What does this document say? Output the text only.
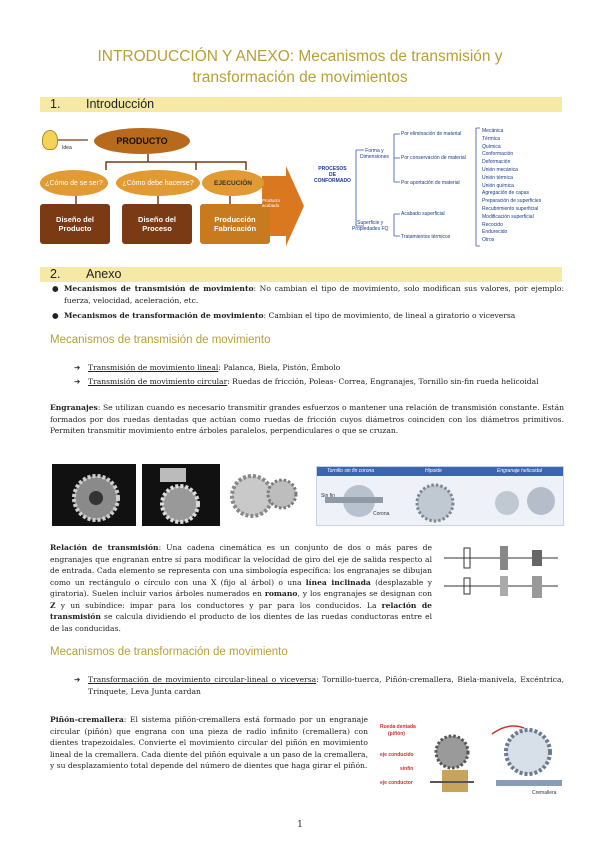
INTRODUCCIÓN Y ANEXO: Mecanismos de transmisión y
transformación de movimientos
1. Introducción
Idea
PRODUCTO
¿Cómo de se ser?	¿Cómo debe hacerse?	EJECUCIÓN
Diseño del
Producto
Diseño del
Proceso
Producción
Fabricación
Producto acabado
PROCESOS
DE
CONFORMADO
Forma y
Dimensiones
Superficie y
Propiedades FQ
Por eliminación de material
Por conservación de material
Por aportación de material
Acabado superficial
Tratamientos térmicos
Mecánica
Térmica
Química
Conformación
Deformación
Unión mecánica
Unión térmica
Unión química
Agregación de capas
Preparación de superficies
Recubrimiento superficial
Modificación superficial
Recocido
Endurecido
Otros
2. Anexo
● Mecanismos de transmisión de movimiento: No cambian el tipo de movimiento, solo modifican sus valores, por ejemplo: fuerza, velocidad, aceleración, etc.
● Mecanismos de transformación de movimiento: Cambian el tipo de movimiento, de lineal a giratorio o viceversa
Mecanismos de transmisión de movimiento
➔ Transmisión de movimiento lineal: Palanca, Biela, Pistón, Émbolo
➔ Transmisión de movimiento circular: Ruedas de fricción, Poleas- Correa, Engranajes, Tornillo sin-fin rueda helicoidal
Engranajes: Se utilizan cuando es necesario transmitir grandes esfuerzos o mantener una relación de transmisión constante. Están formados por dos ruedas dentadas que actúan como ruedas de fricción cuyos diámetros coinciden con los diámetros primitivos. Permiten transmitir movimiento entre árboles paralelos, perpendiculares o que se cruzan.
Tornillo sin fin corona	Hipoide	Engranaje helicoidal
Sin fin
Corona
Relación de transmisión: Una cadena cinemática es un conjunto de dos o más pares de engranajes que engranan entre sí para modificar la velocidad de giro del eje de salida respecto al de entrada. Cada elemento se representa con una simbología específica: los engranajes se dibujan como un rectángulo o círculo con una X (fijo al árbol) o una línea inclinada (desplazable y giratoria). Suelen incluir varios árboles numerados en romano, y los engranajes se designan con Z y un subíndice: impar para los conductores y par para los conducidos. La relación de transmisión se calcula dividiendo el producto de los dientes de las ruedas conductoras entre el de las conducidas.
Mecanismos de transformación de movimiento
➔ Transformación de movimiento circular-lineal o viceversa: Tornillo-tuerca, Piñón-cremallera, Biela-manivela, Excéntrica, Trinquete, Leva Junta cardan
Piñón-cremallera: El sistema piñón-cremallera está formado por un engranaje circular (piñón) que engrana con una pieza de radio infinito (cremallera) con dientes trapezoidales. Convierte el movimiento circular del piñón en movimiento lineal de la cremallera. Cada diente del piñón equivale a un paso de la cremallera, y su desplazamiento total depende del número de dientes que haga girar el piñón.
Rueda dentada
(piñón)
eje conducido
sinfín
eje conductor
Cremallera
1
